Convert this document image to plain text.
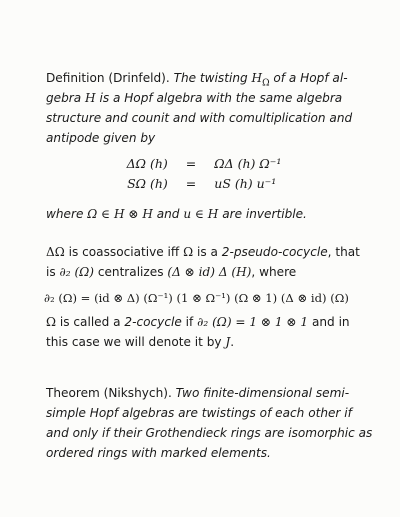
Definition (Drinfeld). The twisting $H_\Omega$ of a Hopf al-
gebra H is a Hopf algebra with the same algebra
structure and counit and with comultiplication and
antipode given by
ΔΩ (h)	=	ΩΔ (h) Ω⁻¹
SΩ (h)	=	uS (h) u⁻¹
where Ω ∈ H ⊗ H and u ∈ H are invertible.
ΔΩ is coassociative iff Ω is a 2-pseudo-cocycle, that
is ∂₂ (Ω) centralizes (Δ ⊗ id) Δ (H), where
∂₂ (Ω) = (id ⊗ Δ) (Ω⁻¹) (1 ⊗ Ω⁻¹) (Ω ⊗ 1) (Δ ⊗ id) (Ω)
Ω is called a 2-cocycle if ∂₂ (Ω) = 1 ⊗ 1 ⊗ 1 and in
this case we will denote it by J.
Theorem (Nikshych). Two finite-dimensional semi-
simple Hopf algebras are twistings of each other if
and only if their Grothendieck rings are isomorphic as
ordered rings with marked elements.
